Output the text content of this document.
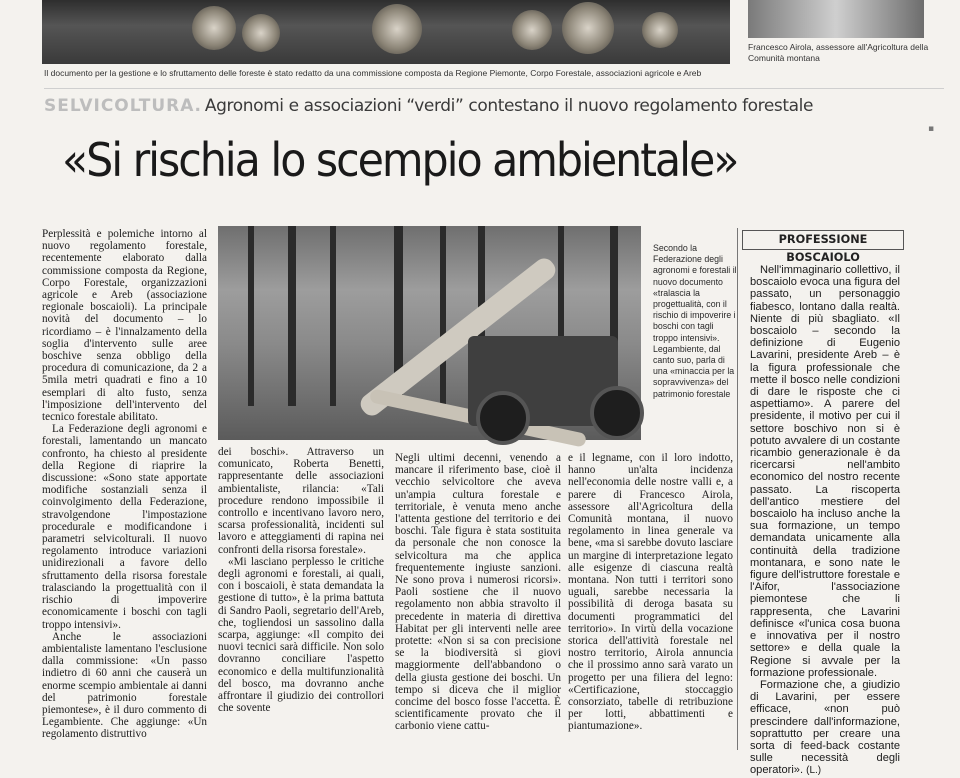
Francesco Airola, assessore all'Agricoltura della Comunità montana
Il documento per la gestione e lo sfruttamento delle foreste è stato redatto da una commissione composta da Regione Piemonte, Corpo Forestale, associazioni agricole e Areb
SELVICOLTURA. Agronomi e associazioni “verdi” contestano il nuovo regolamento forestale
▪
«Si rischia lo scempio ambientale»

Perplessità e polemiche intorno al nuovo regolamento forestale, recentemente elaborato dalla commissione composta da Regione, Corpo Forestale, organizzazioni agricole e Areb (associazione regionale boscaioli). La principale novità del documento – lo ricordiamo – è l'innalzamento della soglia d'intervento sulle aree boschive senza obbligo della procedura di comunicazione, da 2 a 5mila metri quadrati e fino a 10 esemplari di alto fusto, senza l'imposizione dell'intervento del tecnico forestale abilitato.

La Federazione degli agronomi e forestali, lamentando un mancato confronto, ha chiesto al presidente della Regione di riaprire la discussione: «Sono state apportate modifiche sostanziali senza il coinvolgimento della Federazione, stravolgendone l'impostazione procedurale e modificandone i parametri selvicolturali. Il nuovo regolamento introduce variazioni unidirezionali a favore dello sfruttamento della risorsa forestale tralasciando la progettualità con il rischio di impoverire economicamente i boschi con tagli troppo intensivi».

Anche le associazioni ambientaliste lamentano l'esclusione dalla commissione: «Un passo indietro di 60 anni che causerà un enorme scempio ambientale ai danni del patrimonio forestale piemontese», è il duro commento di Legambiente. Che aggiunge: «Un regolamento distruttivo

Secondo la Federazione degli agronomi e forestali il nuovo documento «tralascia la progettualità, con il rischio di impoverire i boschi con tagli troppo intensivi». Legambiente, dal canto suo, parla di una «minaccia per la sopravvivenza» del patrimonio forestale

dei boschi». Attraverso un comunicato, Roberta Benetti, rappresentante delle associazioni ambientaliste, rilancia: «Tali procedure rendono impossibile il controllo e incentivano lavoro nero, scarsa professionalità, incidenti sul lavoro e atteggiamenti di rapina nei confronti della risorsa forestale».

«Mi lasciano perplesso le critiche degli agronomi e forestali, ai quali, con i boscaioli, è stata demandata la gestione di tutto», è la prima battuta di Sandro Paoli, segretario dell'Areb, che, togliendosi un sassolino dalla scarpa, aggiunge: «Il compito dei nuovi tecnici sarà difficile. Non solo dovranno conciliare l'aspetto economico e della multifunzionalità del bosco, ma dovranno anche affrontare il giudizio dei controllori che sovente

Negli ultimi decenni, venendo a mancare il riferimento base, cioè il vecchio selvicoltore che aveva un'ampia cultura forestale e territoriale, è venuta meno anche l'attenta gestione del territorio e dei boschi. Tale figura è stata sostituita da personale che non conosce la selvicoltura ma che applica frequentemente ingiuste sanzioni. Ne sono prova i numerosi ricorsi». Paoli sostiene che il nuovo regolamento non abbia stravolto il precedente in materia di direttiva Habitat per gli interventi nelle aree protette: «Non si sa con precisione se la biodiversità si giovi maggiormente dell'abbandono o della giusta gestione dei boschi. Un tempo si diceva che il miglior concime del bosco fosse l'accetta. È scientificamente provato che il carbonio viene cattu-

e il legname, con il loro indotto, hanno un'alta incidenza nell'economia delle nostre valli e, a parere di Francesco Airola, assessore all'Agricoltura della Comunità montana, il nuovo regolamento in linea generale va bene, «ma si sarebbe dovuto lasciare un margine di interpretazione legato alle esigenze di ciascuna realtà montana. Non tutti i territori sono uguali, sarebbe necessaria la possibilità di deroga basata su documenti programmatici del territorio». In virtù della vocazione storica dell'attività forestale nel nostro territorio, Airola annuncia che il prossimo anno sarà varato un progetto per una filiera del legno: «Certificazione, stoccaggio consorziato, tabelle di retribuzione per lotti, abbattimenti e piantumazione».

PROFESSIONE BOSCAIOLO

Nell'immaginario collettivo, il boscaiolo evoca una figura del passato, un personaggio fiabesco, lontano dalla realtà. Niente di più sbagliato. «Il boscaiolo – secondo la definizione di Eugenio Lavarini, presidente Areb – è la figura professionale che mette il bosco nelle condizioni di dare le risposte che ci aspettiamo». A parere del presidente, il motivo per cui il settore boschivo non si è potuto avvalere di un costante ricambio generazionale è da ricercarsi nell'ambito economico del nostro recente passato. La riscoperta dell'antico mestiere del boscaiolo ha incluso anche la sua formazione, un tempo demandata unicamente alla continuità della tradizione montanara, e sono nate le figure dell'istruttore forestale e l'Aifor, l'associazione piemontese che li rappresenta, che Lavarini definisce «l'unica cosa buona e innovativa per il nostro settore» e della quale la Regione si avvale per la formazione professionale.

Formazione che, a giudizio di Lavarini, per essere efficace, «non può prescindere dall'informazione, soprattutto per creare una sorta di feed-back costante sulle necessità degli operatori». (L.)
